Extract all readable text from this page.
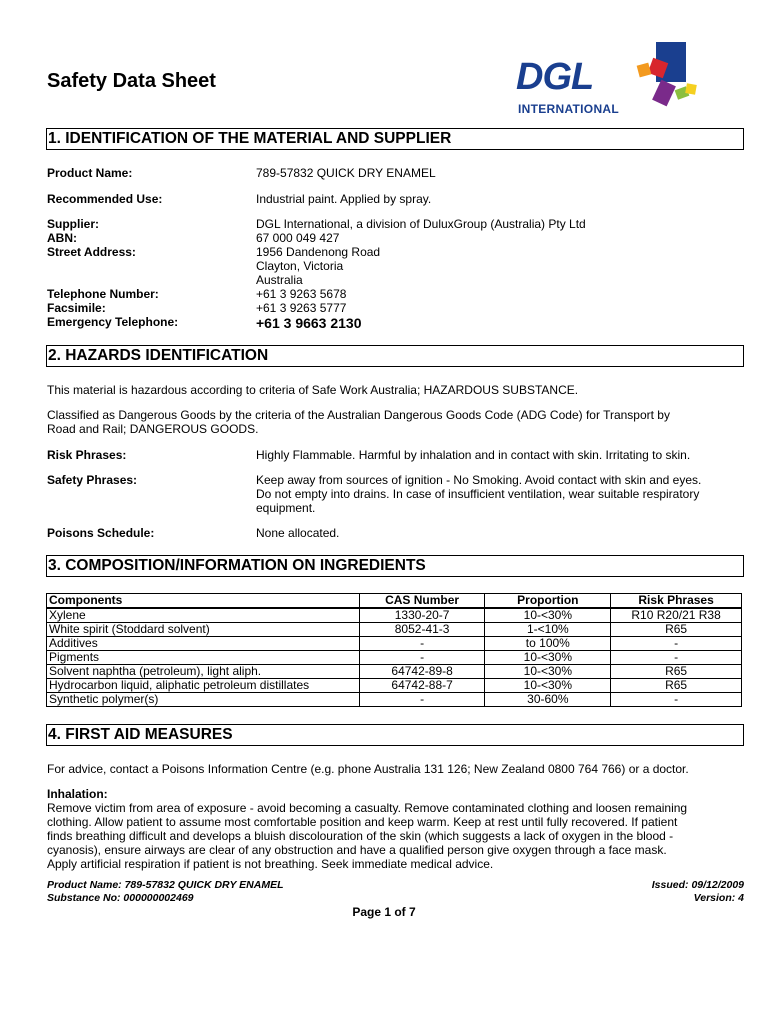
Safety Data Sheet	DGL
INTERNATIONAL
1. IDENTIFICATION OF THE MATERIAL AND SUPPLIER
Product Name:	789-57832 QUICK DRY ENAMEL
Recommended Use:	Industrial paint. Applied by spray.
Supplier:	DGL International, a division of DuluxGroup (Australia) Pty Ltd
ABN:	67 000 049 427
Street Address:	1956 Dandenong Road
Clayton, Victoria
Australia
Telephone Number:	+61 3 9263 5678
Facsimile:	+61 3 9263 5777
Emergency Telephone:	+61 3 9663 2130
2. HAZARDS IDENTIFICATION
This material is hazardous according to criteria of Safe Work Australia; HAZARDOUS SUBSTANCE.
Classified as Dangerous Goods by the criteria of the Australian Dangerous Goods Code (ADG Code) for Transport by
Road and Rail; DANGEROUS GOODS.
Risk Phrases:	Highly Flammable. Harmful by inhalation and in contact with skin. Irritating to skin.
Safety Phrases:	Keep away from sources of ignition - No Smoking. Avoid contact with skin and eyes.
Do not empty into drains. In case of insufficient ventilation, wear suitable respiratory
equipment.
Poisons Schedule:	None allocated.
3. COMPOSITION/INFORMATION ON INGREDIENTS
Components	CAS Number	Proportion	Risk Phrases
Xylene	1330-20-7	10-<30%	R10 R20/21 R38
White spirit (Stoddard solvent)	8052-41-3	1-<10%	R65
Additives	-	to 100%	-
Pigments	-	10-<30%	-
Solvent naphtha (petroleum), light aliph.	64742-89-8	10-<30%	R65
Hydrocarbon liquid, aliphatic petroleum distillates	64742-88-7	10-<30%	R65
Synthetic polymer(s)	-	30-60%	-
4. FIRST AID MEASURES
For advice, contact a Poisons Information Centre (e.g. phone Australia 131 126; New Zealand 0800 764 766) or a doctor.
Inhalation:
Remove victim from area of exposure - avoid becoming a casualty. Remove contaminated clothing and loosen remaining
clothing. Allow patient to assume most comfortable position and keep warm. Keep at rest until fully recovered. If patient
finds breathing difficult and develops a bluish discolouration of the skin (which suggests a lack of oxygen in the blood -
cyanosis), ensure airways are clear of any obstruction and have a qualified person give oxygen through a face mask.
Apply artificial respiration if patient is not breathing. Seek immediate medical advice.
Product Name: 789-57832 QUICK DRY ENAMEL
Substance No: 000000002469
Issued: 09/12/2009
Version: 4
Page 1 of 7
